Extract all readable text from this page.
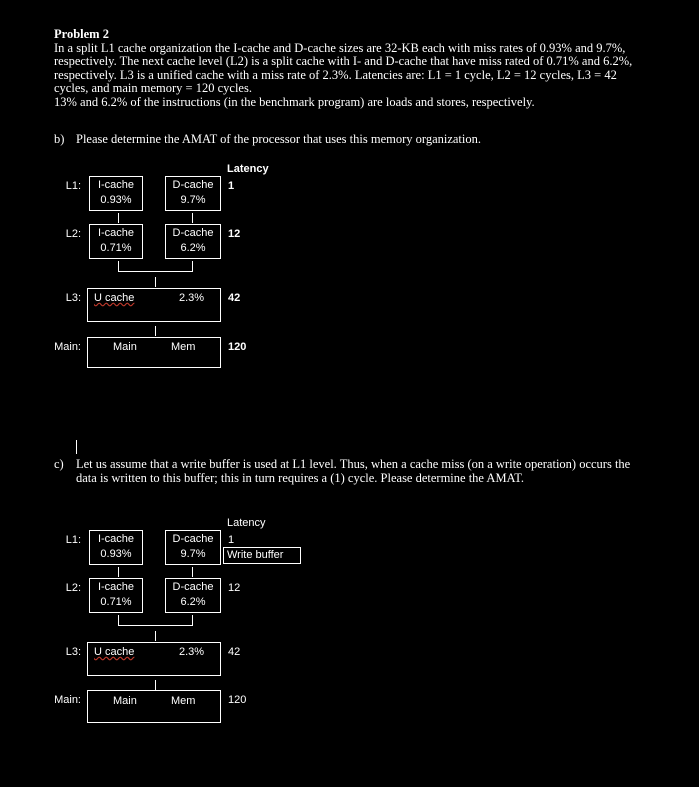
Problem 2

In a split L1 cache organization the I-cache and D-cache sizes are 32-KB each with miss rates of 0.93% and 9.7%, respectively. The next cache level (L2) is a split cache with I- and D-cache that have miss rated of 0.71% and 6.2%, respectively. L3 is a unified cache with a miss rate of 2.3%. Latencies are: L1 = 1 cycle, L2 = 12 cycles, L3 = 42 cycles, and main memory = 120 cycles.

13% and 6.2% of the instructions (in the benchmark program) are loads and stores, respectively.

b) Please determine the AMAT of the processor that uses this memory organization.
Latency
L1:	I-cache
0.93%
D-cache
9.7%
1
L2:	I-cache
0.71%
D-cache
6.2%
12
L3: U cache	2.3% 42
Main:	Main	Mem	120
c) Let us assume that a write buffer is used at L1 level. Thus, when a cache miss (on a write operation) occurs the
data is written to this buffer; this in turn requires a (1) cycle. Please determine the AMAT.
Latency
L1:	I-cache
0.93%
D-cache
9.7%
1
Write buffer
L2:	I-cache
0.71%
D-cache
6.2%
12
L3: U cache	2.3% 42
Main:	Main	Mem	120
